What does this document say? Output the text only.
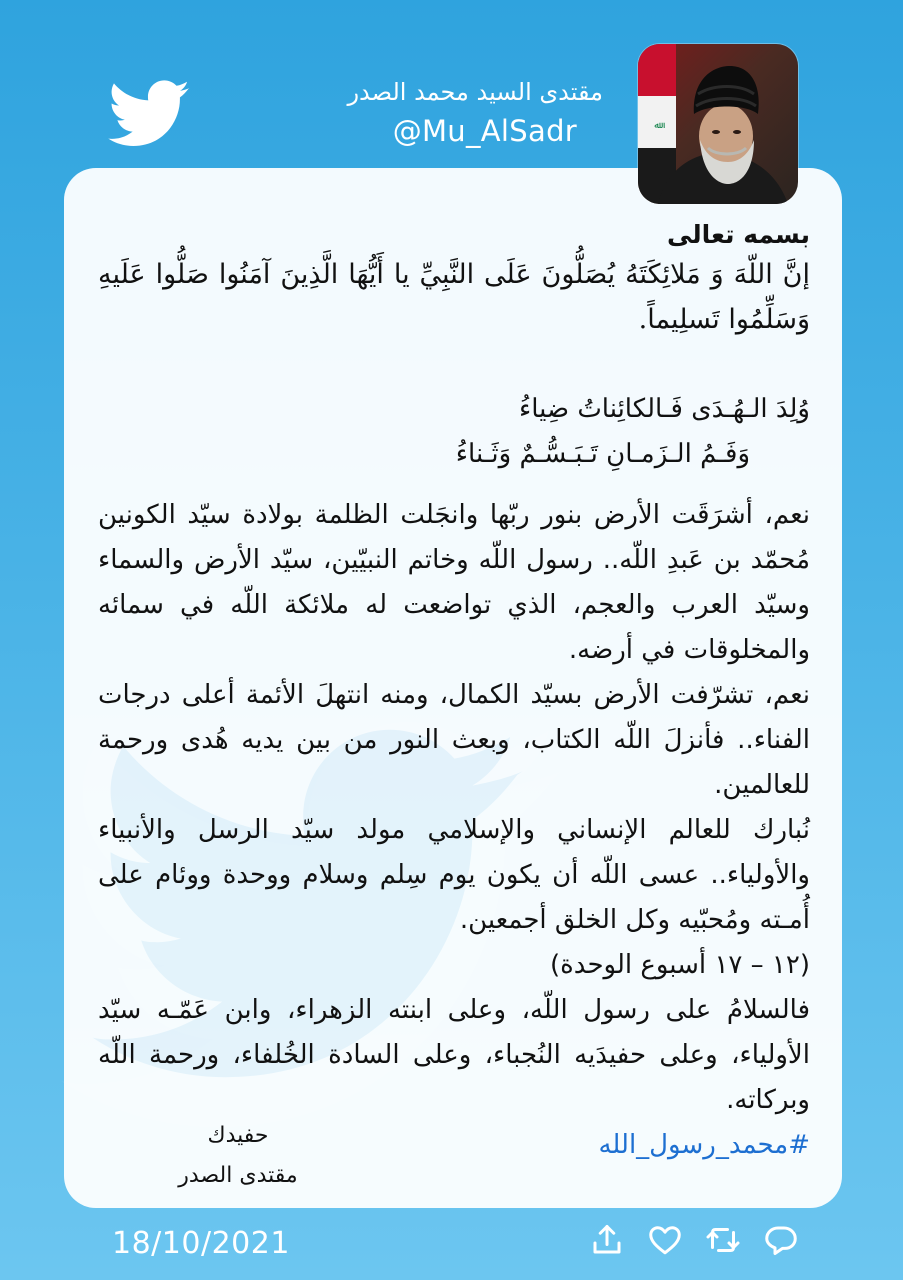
مقتدى السيد محمد الصدر
@Mu_AlSadr	ﷲ

بسمه تعالى

إنَّ اللّهَ وَ مَلائِكَتَهُ يُصَلُّونَ عَلَى النَّبِيِّ يا أَيُّهَا الَّذِينَ آمَنُوا صَلُّوا عَلَيهِ وَسَلِّمُوا تَسلِيماً.

وُلِدَ الـهُـدَى فَـالكائِناتُ ضِياءُ

وَفَـمُ الـزَمـانِ تَـبَـسُّـمٌ وَثَـناءُ

نعم، أشرَقَت الأرض بنور ربّها وانجَلت الظلمة بولادة سيّد الكونين مُحمّد بن عَبدِ اللّه.. رسول اللّه وخاتم النبيّين، سيّد الأرض والسماء وسيّد العرب والعجم، الذي تواضعت له ملائكة اللّه في سمائه والمخلوقات في أرضه.

نعم، تشرّفت الأرض بسيّد الكمال، ومنه انتهلَ الأئمة أعلى درجات الفناء.. فأنزلَ اللّه الكتاب، وبعث النور من بين يديه هُدى ورحمة للعالمين.

نُبارك للعالم الإنساني والإسلامي مولد سيّد الرسل والأنبياء والأولياء.. عسى اللّه أن يكون يوم سِلم وسلام ووحدة ووئام على أُمـته ومُحبّيه وكل الخلق أجمعين.

(١٢ – ١٧ أسبوع الوحدة)

فالسلامُ على رسول اللّه، وعلى ابنته الزهراء، وابن عَمّـه سيّد الأولياء، وعلى حفيدَيه النُجباء، وعلى السادة الخُلفاء، ورحمة اللّه وبركاته.

#محمد_رسول_الله

حفيدك
مقتدى الصدر
18/10/2021
